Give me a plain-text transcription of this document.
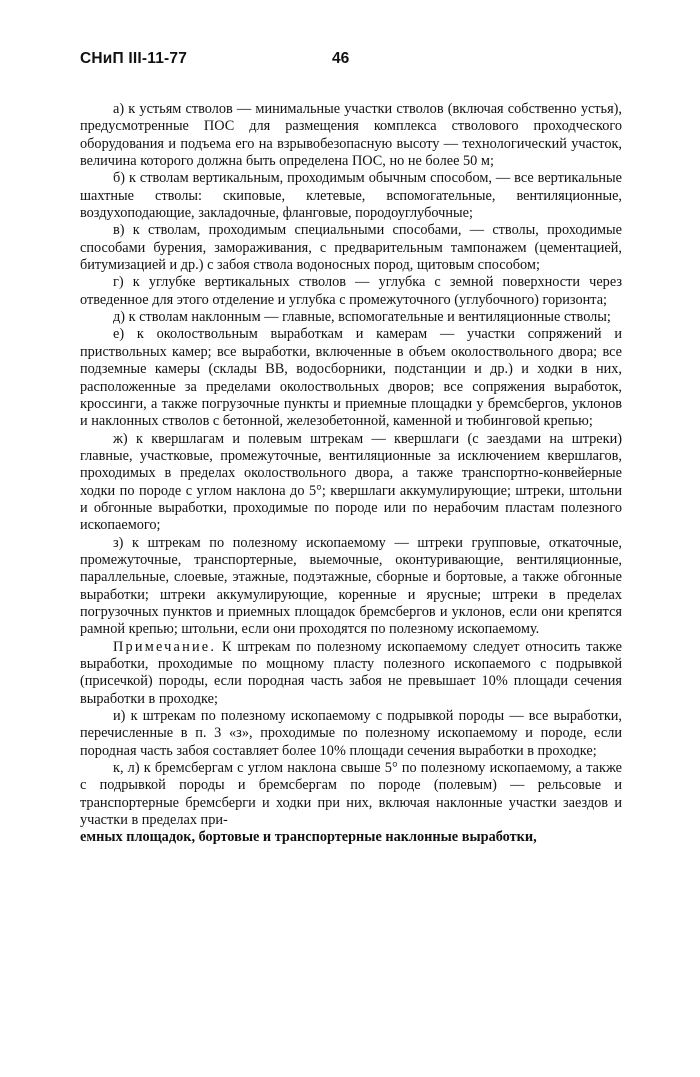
СНиП III-11-77	46

а) к устьям стволов — минимальные участки стволов (включая собственно устья), предусмотренные ПОС для размещения комплекса стволового проходческого оборудования и подъема его на взрывобезопасную высоту — технологический участок, величина которого должна быть определена ПОС, но не более 50 м;

б) к стволам вертикальным, проходимым обычным способом, — все вертикальные шахтные стволы: скиповые, клетевые, вспомогательные, вентиляционные, воздухоподающие, закладочные, фланговые, породоуглубочные;

в) к стволам, проходимым специальными способами, — стволы, проходимые способами бурения, замораживания, с предварительным тампонажем (цементацией, битумизацией и др.) с забоя ствола водоносных пород, щитовым способом;

г) к углубке вертикальных стволов — углубка с земной поверхности через отведенное для этого отделение и углубка с промежуточного (углубочного) горизонта;

д) к стволам наклонным — главные, вспомогательные и вентиляционные стволы;

е) к околоствольным выработкам и камерам — участки сопряжений и приствольных камер; все выработки, включенные в объем околоствольного двора; все подземные камеры (склады ВВ, водосборники, подстанции и др.) и ходки в них, расположенные за пределами околоствольных дворов; все сопряжения выработок, кроссинги, а также погрузочные пункты и приемные площадки у бремсбергов, уклонов и наклонных стволов с бетонной, железобетонной, каменной и тюбинговой крепью;

ж) к квершлагам и полевым штрекам — квершлаги (с заездами на штреки) главные, участковые, промежуточные, вентиляционные за исключением квершлагов, проходимых в пределах околоствольного двора, а также транспортно-конвейерные ходки по породе с углом наклона до 5°; квершлаги аккумулирующие; штреки, штольни и обгонные выработки, проходимые по породе или по нерабочим пластам полезного ископаемого;

з) к штрекам по полезному ископаемому — штреки групповые, откаточные, промежуточные, транспортерные, выемочные, оконтуривающие, вентиляционные, параллельные, слоевые, этажные, подэтажные, сборные и бортовые, а также обгонные выработки; штреки аккумулирующие, коренные и ярусные; штреки в пределах погрузочных пунктов и приемных площадок бремсбергов и уклонов, если они крепятся рамной крепью; штольни, если они проходятся по полезному ископаемому.

Примечание. К штрекам по полезному ископаемому следует относить также выработки, проходимые по мощному пласту полезного ископаемого с подрывкой (присечкой) породы, если породная часть забоя не превышает 10% площади сечения выработки в проходке;

и) к штрекам по полезному ископаемому с подрывкой породы — все выработки, перечисленные в п. 3 «з», проходимые по полезному ископаемому и породе, если породная часть забоя составляет более 10% площади сечения выработки в проходке;

к, л) к бремсбергам с углом наклона свыше 5° по полезному ископаемому, а также с подрывкой породы и бремсбергам по породе (полевым) — рельсовые и транспортерные бремсберги и ходки при них, включая наклонные участки заездов и участки в пределах при-
емных площадок, бортовые и транспортерные наклонные выработки,
